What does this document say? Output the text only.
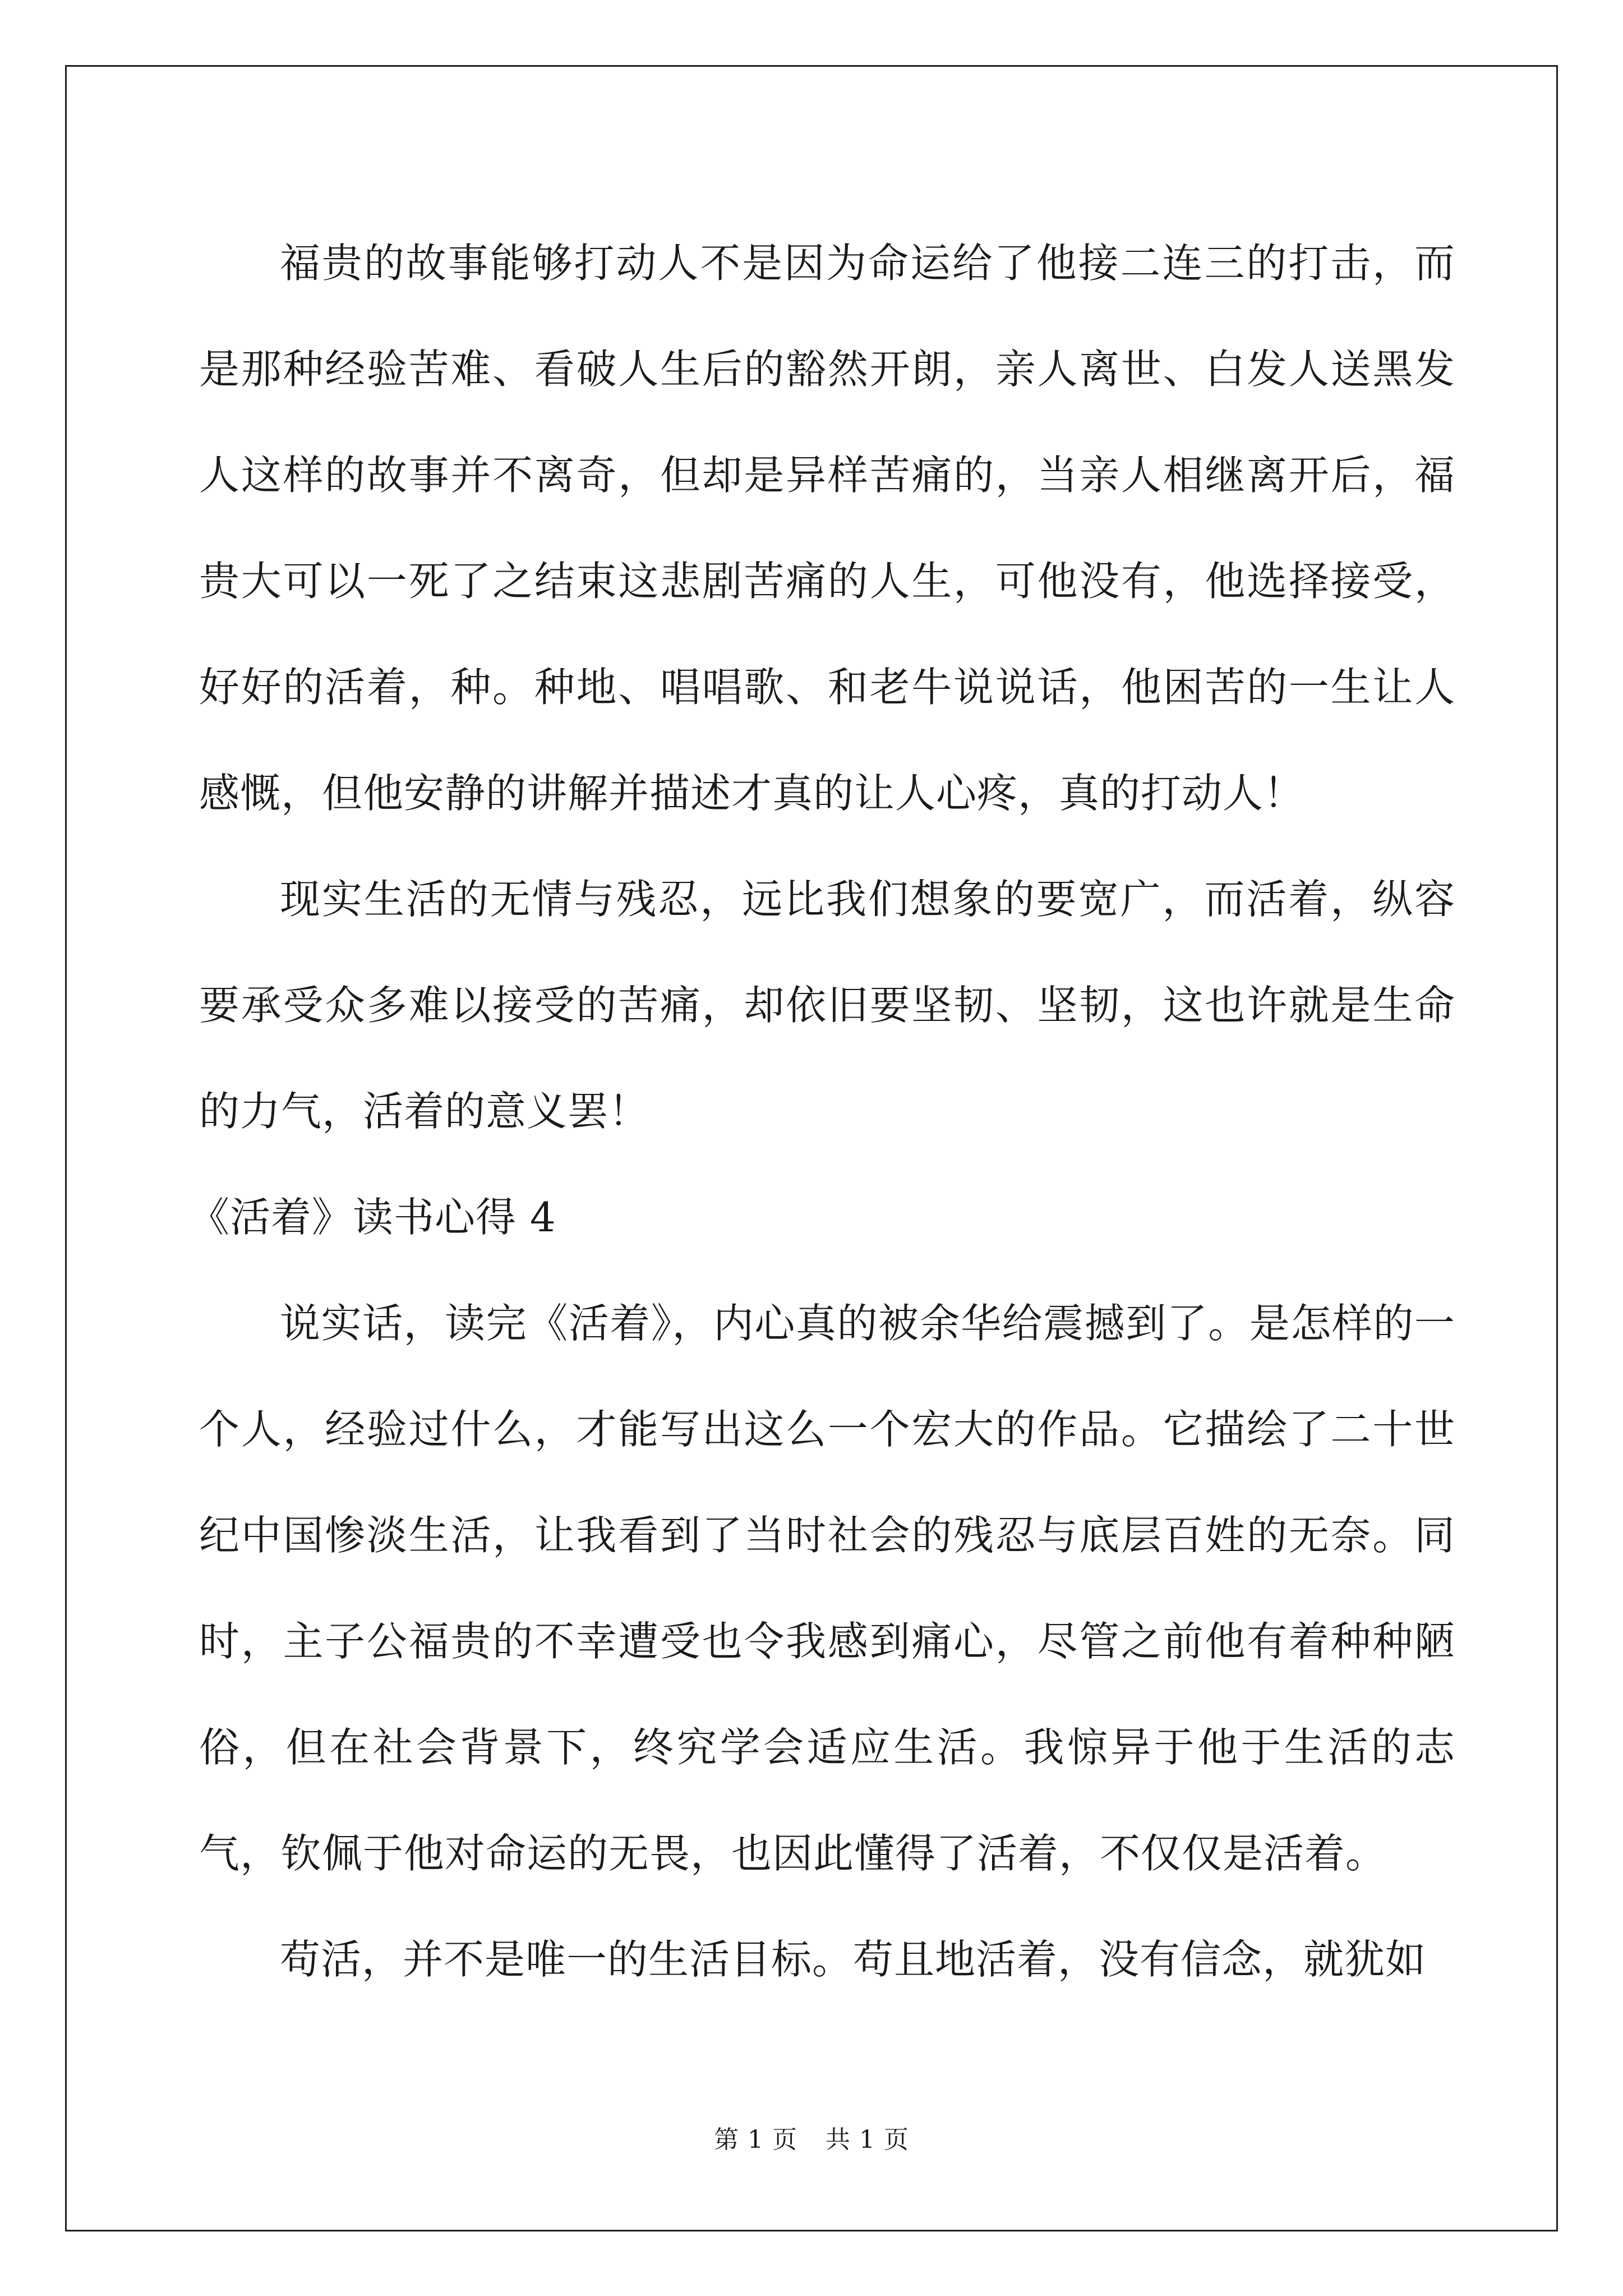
福贵的故事能够打动人不是因为命运给了他接二连三的打击，而是那种经验苦难、看破人生后的豁然开朗，亲人离世、白发人送黑发人这样的故事并不离奇，但却是异样苦痛的，当亲人相继离开后，福贵大可以一死了之结束这悲剧苦痛的人生，可他没有，他选择接受，好好的活着，种。种地、唱唱歌、和老牛说说话，他困苦的一生让人感慨，但他安静的讲解并描述才真的让人心疼，真的打动人！

现实生活的无情与残忍，远比我们想象的要宽广，而活着，纵容要承受众多难以接受的苦痛，却依旧要坚韧、坚韧，这也许就是生命的力气，活着的意义罢！

《活着》读书心得 4

说实话，读完《活着》，内心真的被余华给震撼到了。是怎样的一个人，经验过什么，才能写出这么一个宏大的作品。它描绘了二十世纪中国惨淡生活，让我看到了当时社会的残忍与底层百姓的无奈。同时，主子公福贵的不幸遭受也令我感到痛心，尽管之前他有着种种陋俗，但在社会背景下，终究学会适应生活。我惊异于他于生活的志气，钦佩于他对命运的无畏，也因此懂得了活着，不仅仅是活着。

苟活，并不是唯一的生活目标。苟且地活着，没有信念，就犹如

第 1 页 共 1 页
